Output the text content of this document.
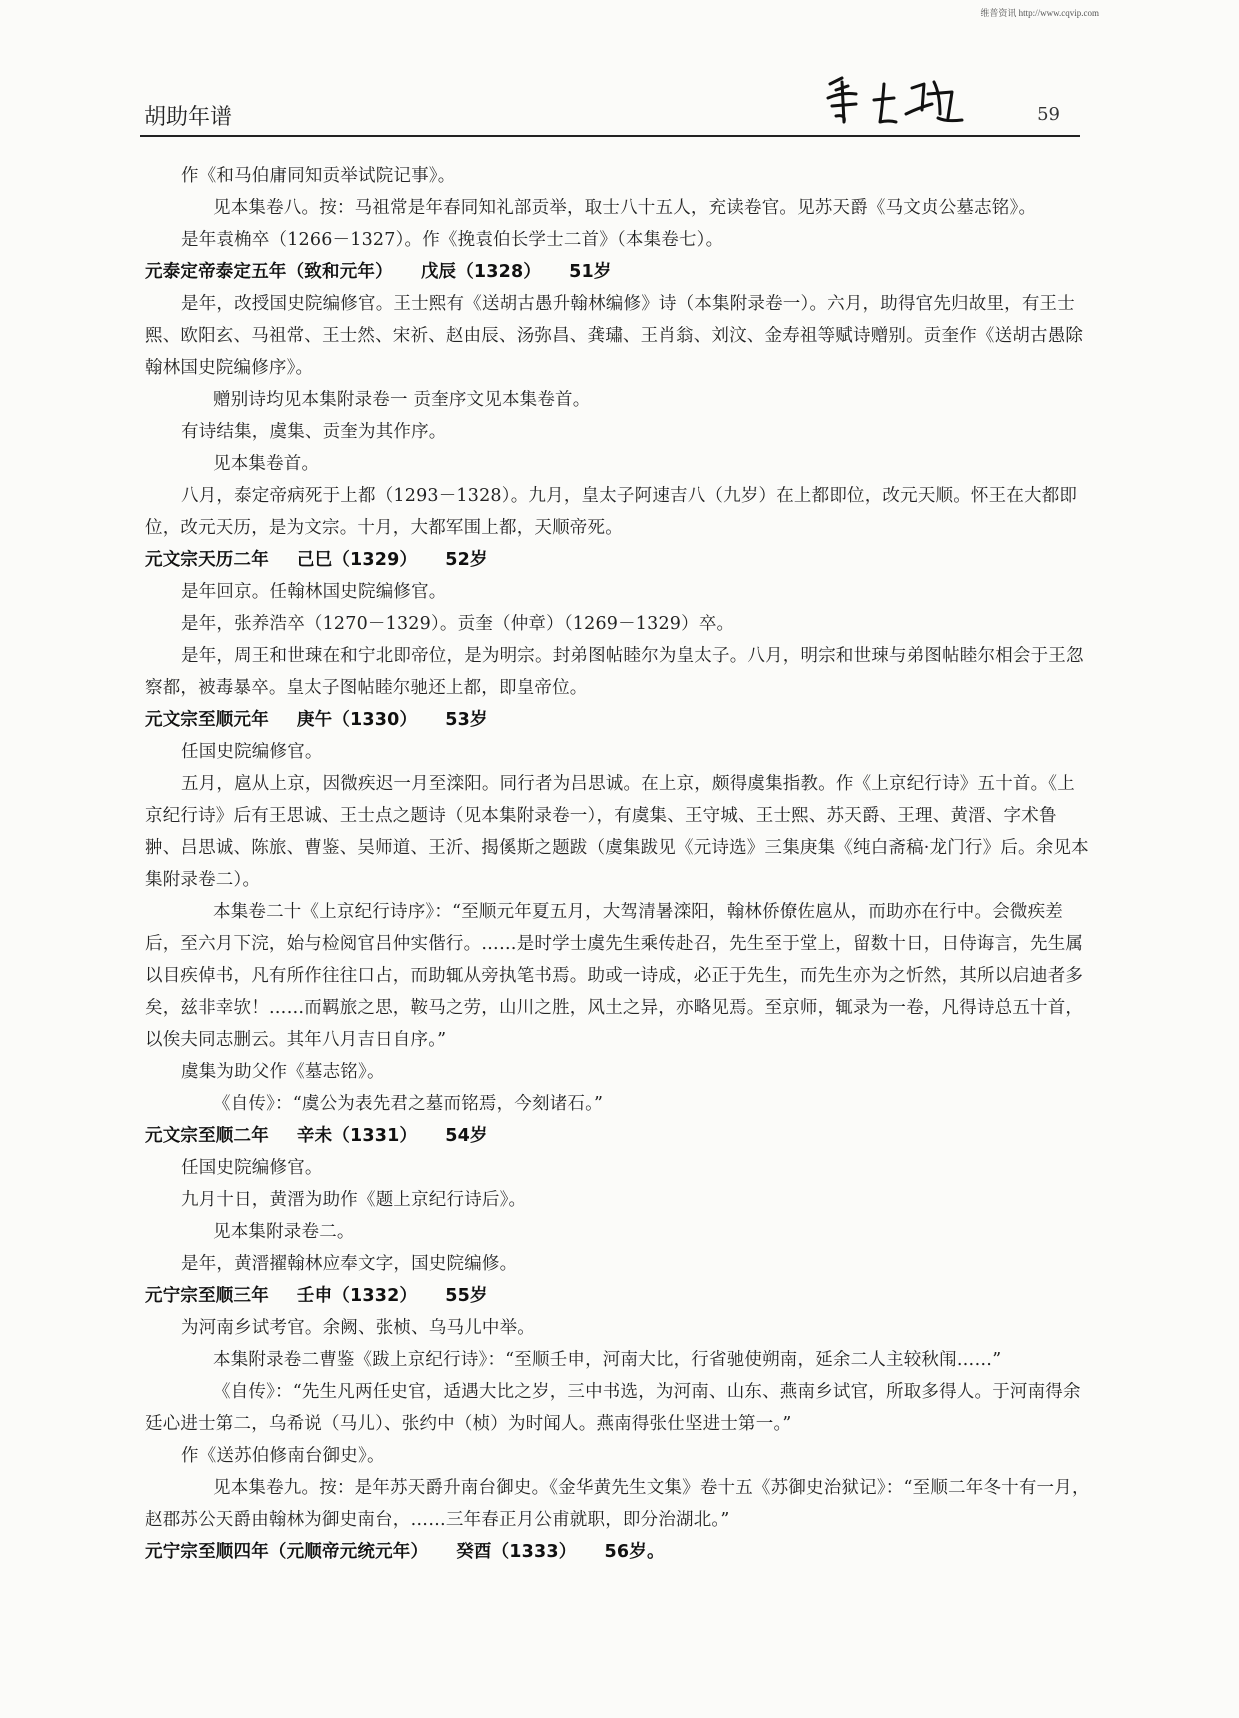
维普资讯 http://www.cqvip.com
胡助年谱	59

作《和马伯庸同知贡举试院记事》。

见本集卷八。按：马祖常是年春同知礼部贡举，取士八十五人，充读卷官。见苏天爵《马文贞公墓志铭》。

是年袁桷卒（1266－1327）。作《挽袁伯长学士二首》（本集卷七）。

元泰定帝泰定五年（致和元年） 戊辰（1328） 51岁

是年，改授国史院编修官。王士熙有《送胡古愚升翰林编修》诗（本集附录卷一）。六月，助得官先归故里，有王士熙、欧阳玄、马祖常、王士然、宋祈、赵由辰、汤弥昌、龚璛、王肖翁、刘汶、金寿祖等赋诗赠别。贡奎作《送胡古愚除翰林国史院编修序》。

赠别诗均见本集附录卷一 贡奎序文见本集卷首。

有诗结集，虞集、贡奎为其作序。

见本集卷首。

八月，泰定帝病死于上都（1293－1328）。九月，皇太子阿速吉八（九岁）在上都即位，改元天顺。怀王在大都即位，改元天历，是为文宗。十月，大都军围上都，天顺帝死。

元文宗天历二年 己巳（1329） 52岁

是年回京。任翰林国史院编修官。

是年，张养浩卒（1270－1329）。贡奎（仲章）（1269－1329）卒。

是年，周王和世㻋在和宁北即帝位，是为明宗。封弟图帖睦尔为皇太子。八月，明宗和世㻋与弟图帖睦尔相会于王忽察都，被毒暴卒。皇太子图帖睦尔驰还上都，即皇帝位。

元文宗至顺元年 庚午（1330） 53岁

任国史院编修官。

五月，扈从上京，因微疾迟一月至滦阳。同行者为吕思诚。在上京，颇得虞集指教。作《上京纪行诗》五十首。《上京纪行诗》后有王思诚、王士点之题诗（见本集附录卷一），有虞集、王守城、王士熙、苏天爵、王理、黄溍、字术鲁翀、吕思诚、陈旅、曹鉴、吴师道、王沂、揭傒斯之题跋（虞集跋见《元诗选》三集庚集《纯白斋稿·龙门行》后。余见本集附录卷二）。

本集卷二十《上京纪行诗序》：“至顺元年夏五月，大驾清暑滦阳，翰林侨僚佐扈从，而助亦在行中。会微疾差后，至六月下浣，始与检阅官吕仲实偕行。……是时学士虞先生乘传赴召，先生至于堂上，留数十日，日侍诲言，先生属以目疾倬书，凡有所作往往口占，而助辄从旁执笔书焉。助或一诗成，必正于先生，而先生亦为之忻然，其所以启迪者多矣，兹非幸欤！……而羁旅之思，鞍马之劳，山川之胜，风土之异，亦略见焉。至京师，辄录为一卷，凡得诗总五十首，以俟夫同志删云。其年八月吉日自序。”

虞集为助父作《墓志铭》。

《自传》：“虞公为表先君之墓而铭焉，今刻诸石。”

元文宗至顺二年 辛未（1331） 54岁

任国史院编修官。

九月十日，黄溍为助作《题上京纪行诗后》。

见本集附录卷二。

是年，黄溍擢翰林应奉文字，国史院编修。

元宁宗至顺三年 壬申（1332） 55岁

为河南乡试考官。余阙、张桢、乌马儿中举。

本集附录卷二曹鉴《跋上京纪行诗》：“至顺壬申，河南大比，行省驰使朔南，延余二人主较秋闱……”

《自传》：“先生凡两任史官，适遇大比之岁，三中书选，为河南、山东、燕南乡试官，所取多得人。于河南得余廷心进士第二，乌希说（马儿）、张约中（桢）为时闻人。燕南得张仕坚进士第一。”

作《送苏伯修南台御史》。

见本集卷九。按：是年苏天爵升南台御史。《金华黄先生文集》卷十五《苏御史治狱记》：“至顺二年冬十有一月，赵郡苏公天爵由翰林为御史南台，……三年春正月公甫就职，即分治湖北。”

元宁宗至顺四年（元顺帝元统元年） 癸酉（1333） 56岁。
